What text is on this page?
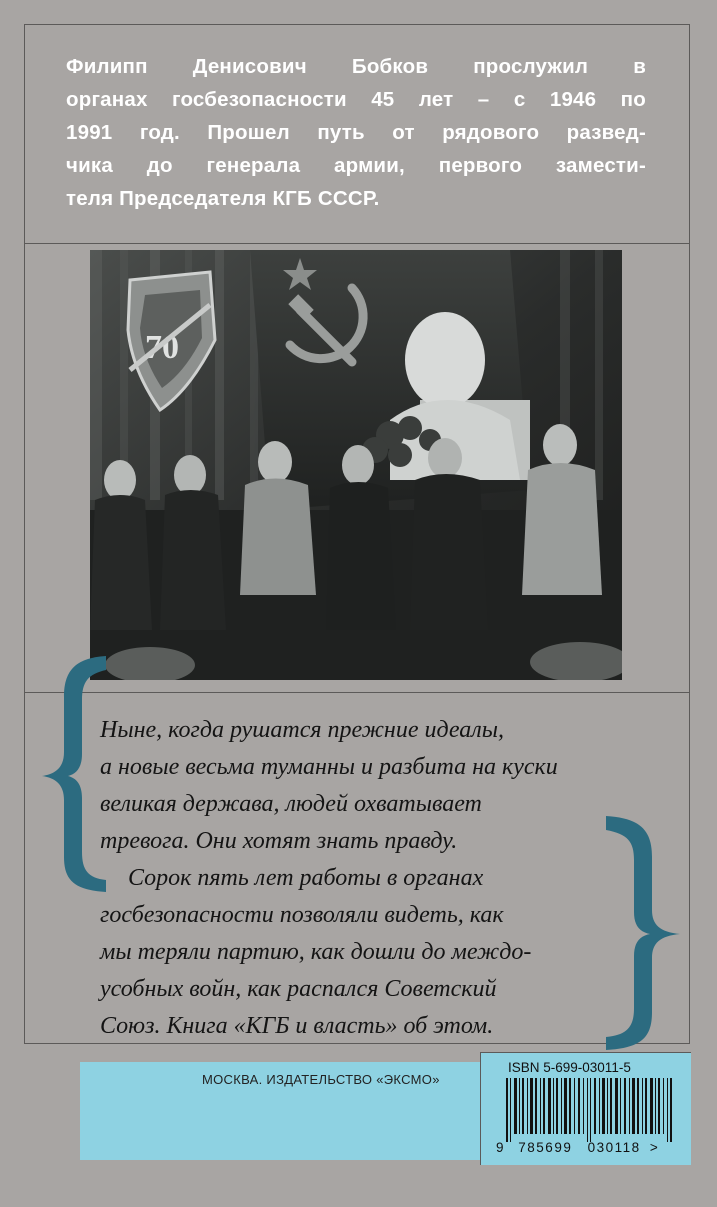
Филипп Денисович Бобков прослужил в
органах госбезопасности 45 лет – с 1946 по
1991 год. Прошел путь от рядового развед-
чика до генерала армии, первого замести-
теля Председателя КГБ СССР.
70

Ныне, когда рушатся прежние идеалы,

а новые весьма туманны и разбита на куски

великая держава, людей охватывает

тревога. Они хотят знать правду.

Сорок пять лет работы в органах

госбезопасности позволяли видеть, как

мы теряли партию, как дошли до междо-

усобных войн, как распался Советский

Союз. Книга «КГБ и власть» об этом.

МОСКВА. ИЗДАТЕЛЬСТВО «ЭКСМО»
ISBN 5-699-03011-5
9 785699 030118 >
